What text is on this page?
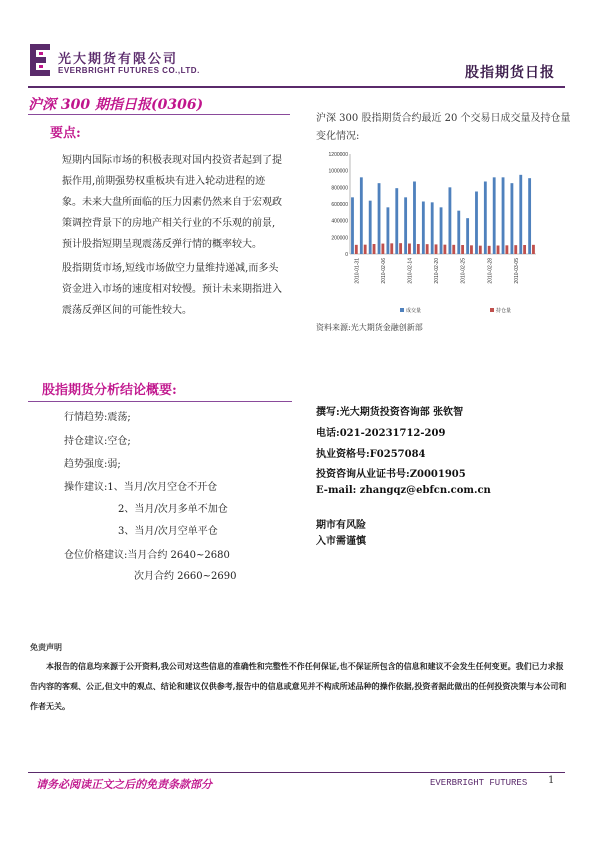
光大期货有限公司
EVERBRIGHT FUTURES CO.,LTD.	股指期货日报
沪深 300 期指日报(0306)
要点:
短期内国际市场的积极表现对国内投资者起到了提振作用,前期强势权重板块有进入轮动进程的迹象。未来大盘所面临的压力因素仍然来自于宏观政策调控背景下的房地产相关行业的不乐观的前景,预计股指短期呈现震荡反弹行情的概率较大。
股指期货市场,短线市场做空力量维持递减,而多头资金进入市场的速度相对较慢。预计未来期指进入震荡反弹区间的可能性较大。
沪深 300 股指期货合约最近 20 个交易日成交量及持仓量变化情况:
0
200000
400000
600000
800000
1000000
1200000
2010-01-31	2010-02-06	2010-02-14	2010-02-20	2010-02-25	2010-02-28	2010-03-05
成交量	持仓量
资料来源:光大期货金融创新部
股指期货分析结论概要:
行情趋势:震荡;
持仓建议:空仓;
趋势强度:弱;
操作建议:1、当月/次月空仓不开仓
2、当月/次月多单不加仓
3、当月/次月空单平仓
仓位价格建议:当月合约 2640~2680
次月合约 2660~2690
撰写:光大期货投资咨询部 张钦智
电话:021-20231712-209
执业资格号:F0257084
投资咨询从业证书号:Z0001905
E-mail: zhangqz@ebfcn.com.cn
期市有风险
入市需谨慎
免责声明
本报告的信息均来源于公开资料,我公司对这些信息的准确性和完整性不作任何保证,也不保证所包含的信息和建议不会发生任何变更。我们已力求报告内容的客观、公正,但文中的观点、结论和建议仅供参考,报告中的信息或意见并不构成所述品种的操作依据,投资者据此做出的任何投资决策与本公司和作者无关。
请务必阅读正文之后的免责条款部分	EVERBRIGHT FUTURES 1
